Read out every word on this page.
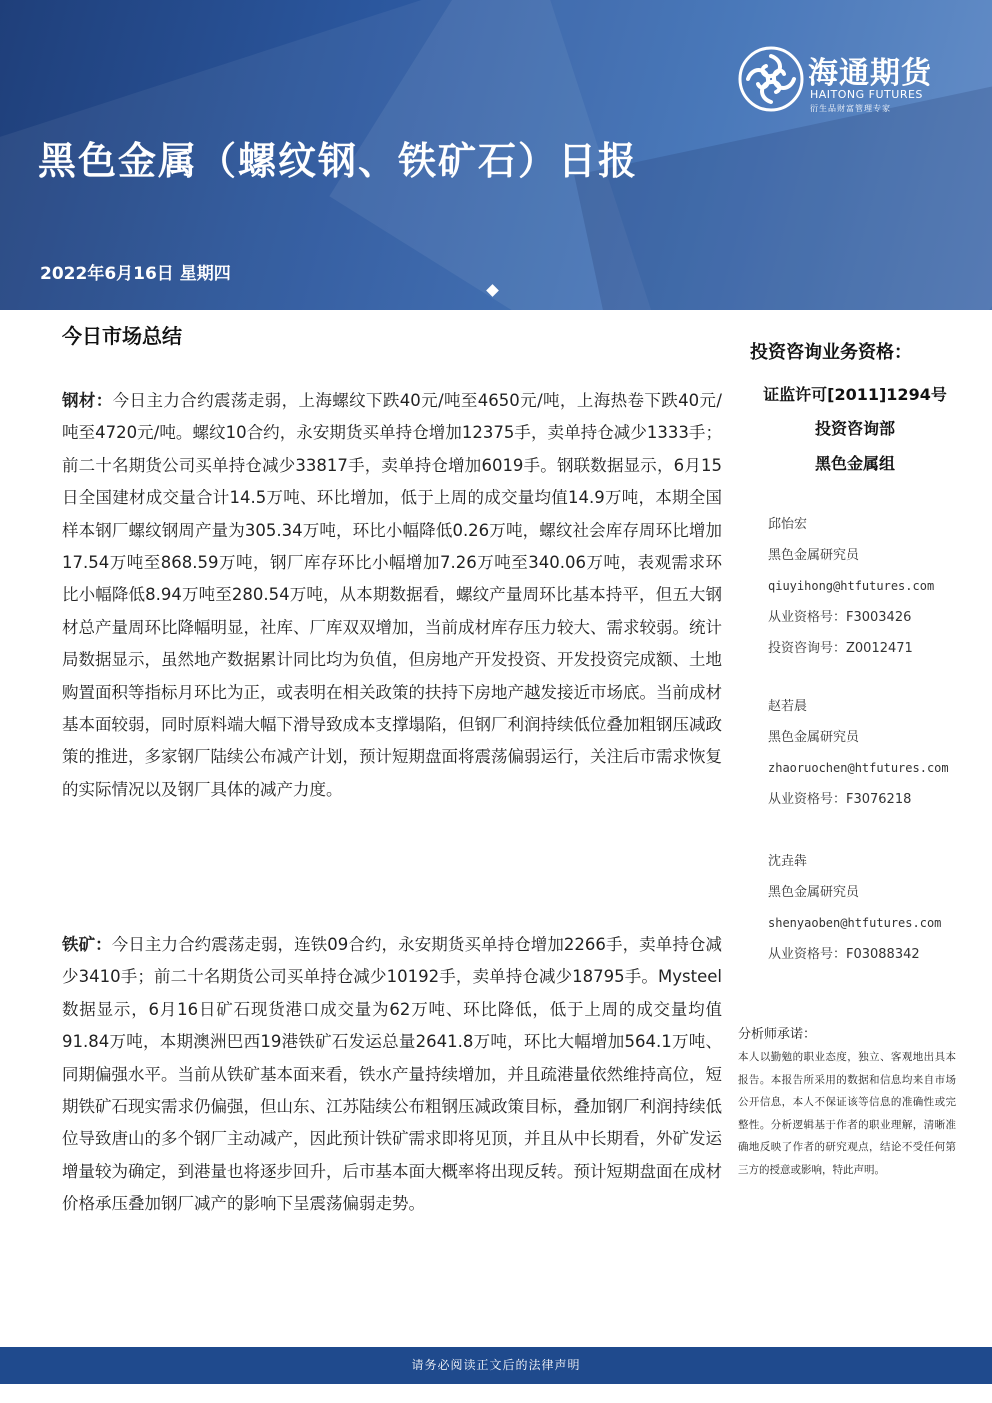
海通期货
HAITONG FUTURES
衍生品财富管理专家
黑色金属（螺纹钢、铁矿石）日报
2022年6月16日 星期四
今日市场总结
钢材：今日主力合约震荡走弱，上海螺纹下跌40元/吨至4650元/吨，上海热卷下跌40元/吨至4720元/吨。螺纹10合约，永安期货买单持仓增加12375手，卖单持仓减少1333手；前二十名期货公司买单持仓减少33817手，卖单持仓增加6019手。钢联数据显示，6月15日全国建材成交量合计14.5万吨、环比增加，低于上周的成交量均值14.9万吨，本期全国样本钢厂螺纹钢周产量为305.34万吨，环比小幅降低0.26万吨，螺纹社会库存周环比增加17.54万吨至868.59万吨，钢厂库存环比小幅增加7.26万吨至340.06万吨，表观需求环比小幅降低8.94万吨至280.54万吨，从本期数据看，螺纹产量周环比基本持平，但五大钢材总产量周环比降幅明显，社库、厂库双双增加，当前成材库存压力较大、需求较弱。统计局数据显示，虽然地产数据累计同比均为负值，但房地产开发投资、开发投资完成额、土地购置面积等指标月环比为正，或表明在相关政策的扶持下房地产越发接近市场底。当前成材基本面较弱，同时原料端大幅下滑导致成本支撑塌陷，但钢厂利润持续低位叠加粗钢压减政策的推进，多家钢厂陆续公布减产计划，预计短期盘面将震荡偏弱运行，关注后市需求恢复的实际情况以及钢厂具体的减产力度。
铁矿：今日主力合约震荡走弱，连铁09合约，永安期货买单持仓增加2266手，卖单持仓减少3410手；前二十名期货公司买单持仓减少10192手，卖单持仓减少18795手。Mysteel数据显示，6月16日矿石现货港口成交量为62万吨、环比降低，低于上周的成交量均值91.84万吨，本期澳洲巴西19港铁矿石发运总量2641.8万吨，环比大幅增加564.1万吨、同期偏强水平。当前从铁矿基本面来看，铁水产量持续增加，并且疏港量依然维持高位，短期铁矿石现实需求仍偏强，但山东、江苏陆续公布粗钢压减政策目标，叠加钢厂利润持续低位导致唐山的多个钢厂主动减产，因此预计铁矿需求即将见顶，并且从中长期看，外矿发运增量较为确定，到港量也将逐步回升，后市基本面大概率将出现反转。预计短期盘面在成材价格承压叠加钢厂减产的影响下呈震荡偏弱走势。
投资咨询业务资格：
证监许可[2011]1294号
投资咨询部
黑色金属组
邱怡宏
黑色金属研究员
qiuyihong@htfutures.com
从业资格号：F3003426
投资咨询号：Z0012471
赵若晨
黑色金属研究员
zhaoruochen@htfutures.com
从业资格号：F3076218
沈垚犇
黑色金属研究员
shenyaoben@htfutures.com
从业资格号：F03088342
分析师承诺：
本人以勤勉的职业态度，独立、客观地出具本报告。本报告所采用的数据和信息均来自市场公开信息，本人不保证该等信息的准确性或完整性。分析逻辑基于作者的职业理解，清晰准确地反映了作者的研究观点，结论不受任何第三方的授意或影响，特此声明。
请务必阅读正文后的法律声明
